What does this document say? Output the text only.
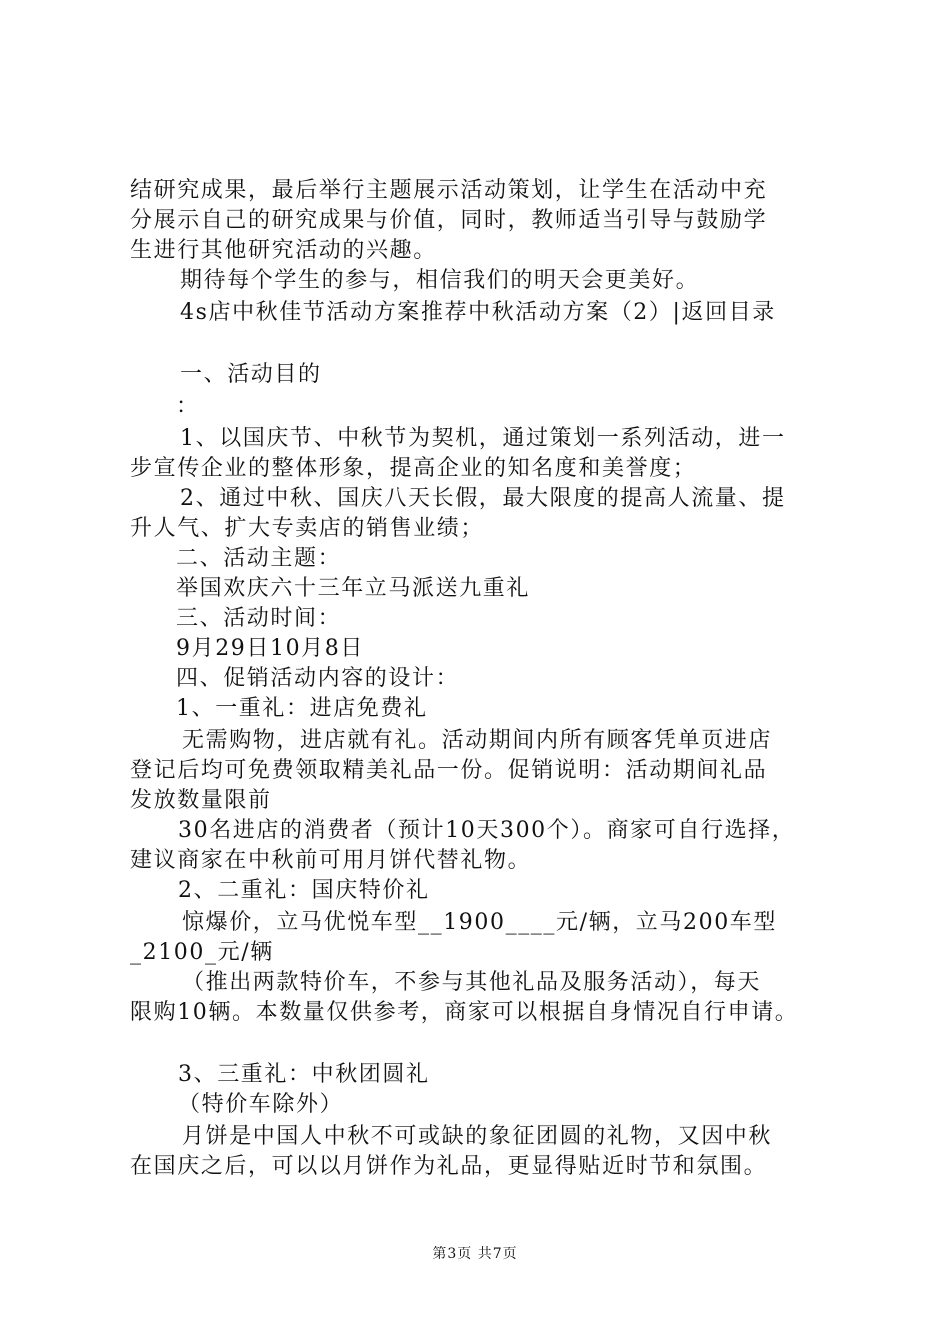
结研究成果，最后举行主题展示活动策划，让学生在活动中充
分展示自己的研究成果与价值，同时，教师适当引导与鼓励学
生进行其他研究活动的兴趣。
期待每个学生的参与，相信我们的明天会更美好。
4s店中秋佳节活动方案推荐中秋活动方案（2）|返回目录
一、活动目的
：
1、以国庆节、中秋节为契机，通过策划一系列活动，进一
步宣传企业的整体形象，提高企业的知名度和美誉度；
2、通过中秋、国庆八天长假，最大限度的提高人流量、提
升人气、扩大专卖店的销售业绩；
二、活动主题：
举国欢庆六十三年立马派送九重礼
三、活动时间：
9月29日10月8日
四、促销活动内容的设计：
1、一重礼：进店免费礼
无需购物，进店就有礼。活动期间内所有顾客凭单页进店
登记后均可免费领取精美礼品一份。促销说明：活动期间礼品
发放数量限前
30名进店的消费者（预计10天300个）。商家可自行选择，
建议商家在中秋前可用月饼代替礼物。
2、二重礼：国庆特价礼
惊爆价，立马优悦车型__1900____元/辆，立马200车型
_2100_元/辆
（推出两款特价车，不参与其他礼品及服务活动），每天
限购10辆。本数量仅供参考，商家可以根据自身情况自行申请。
3、三重礼：中秋团圆礼
（特价车除外）
月饼是中国人中秋不可或缺的象征团圆的礼物，又因中秋
在国庆之后，可以以月饼作为礼品，更显得贴近时节和氛围。
第3页 共7页
